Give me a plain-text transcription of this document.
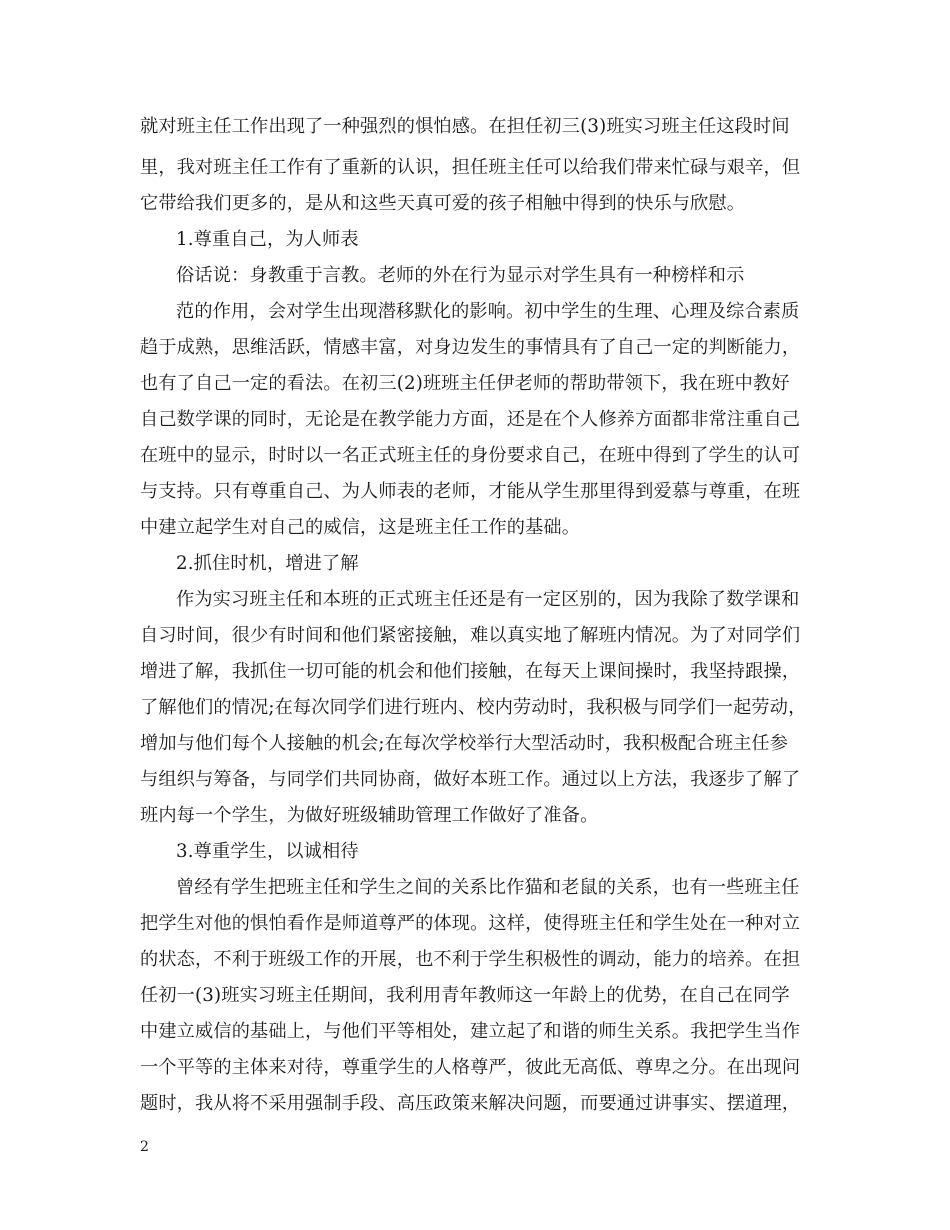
就对班主任工作出现了一种强烈的惧怕感。在担任初三(3)班实习班主任这段时间
里，我对班主任工作有了重新的认识，担任班主任可以给我们带来忙碌与艰辛，但
它带给我们更多的，是从和这些天真可爱的孩子相触中得到的快乐与欣慰。
1.尊重自己，为人师表
俗话说：身教重于言教。老师的外在行为显示对学生具有一种榜样和示
范的作用，会对学生出现潜移默化的影响。初中学生的生理、心理及综合素质
趋于成熟，思维活跃，情感丰富，对身边发生的事情具有了自己一定的判断能力，
也有了自己一定的看法。在初三(2)班班主任伊老师的帮助带领下，我在班中教好
自己数学课的同时，无论是在教学能力方面，还是在个人修养方面都非常注重自己
在班中的显示，时时以一名正式班主任的身份要求自己，在班中得到了学生的认可
与支持。只有尊重自己、为人师表的老师，才能从学生那里得到爱慕与尊重，在班
中建立起学生对自己的威信，这是班主任工作的基础。
2.抓住时机，增进了解
作为实习班主任和本班的正式班主任还是有一定区别的，因为我除了数学课和
自习时间，很少有时间和他们紧密接触，难以真实地了解班内情况。为了对同学们
增进了解，我抓住一切可能的机会和他们接触，在每天上课间操时，我坚持跟操，
了解他们的情况;在每次同学们进行班内、校内劳动时，我积极与同学们一起劳动，
增加与他们每个人接触的机会;在每次学校举行大型活动时，我积极配合班主任参
与组织与筹备，与同学们共同协商，做好本班工作。通过以上方法，我逐步了解了
班内每一个学生，为做好班级辅助管理工作做好了准备。
3.尊重学生，以诚相待
曾经有学生把班主任和学生之间的关系比作猫和老鼠的关系，也有一些班主任
把学生对他的惧怕看作是师道尊严的体现。这样，使得班主任和学生处在一种对立
的状态，不利于班级工作的开展，也不利于学生积极性的调动，能力的培养。在担
任初一(3)班实习班主任期间，我利用青年教师这一年龄上的优势，在自己在同学
中建立威信的基础上，与他们平等相处，建立起了和谐的师生关系。我把学生当作
一个平等的主体来对待，尊重学生的人格尊严，彼此无高低、尊卑之分。在出现问
题时，我从将不采用强制手段、高压政策来解决问题，而要通过讲事实、摆道理，
2
